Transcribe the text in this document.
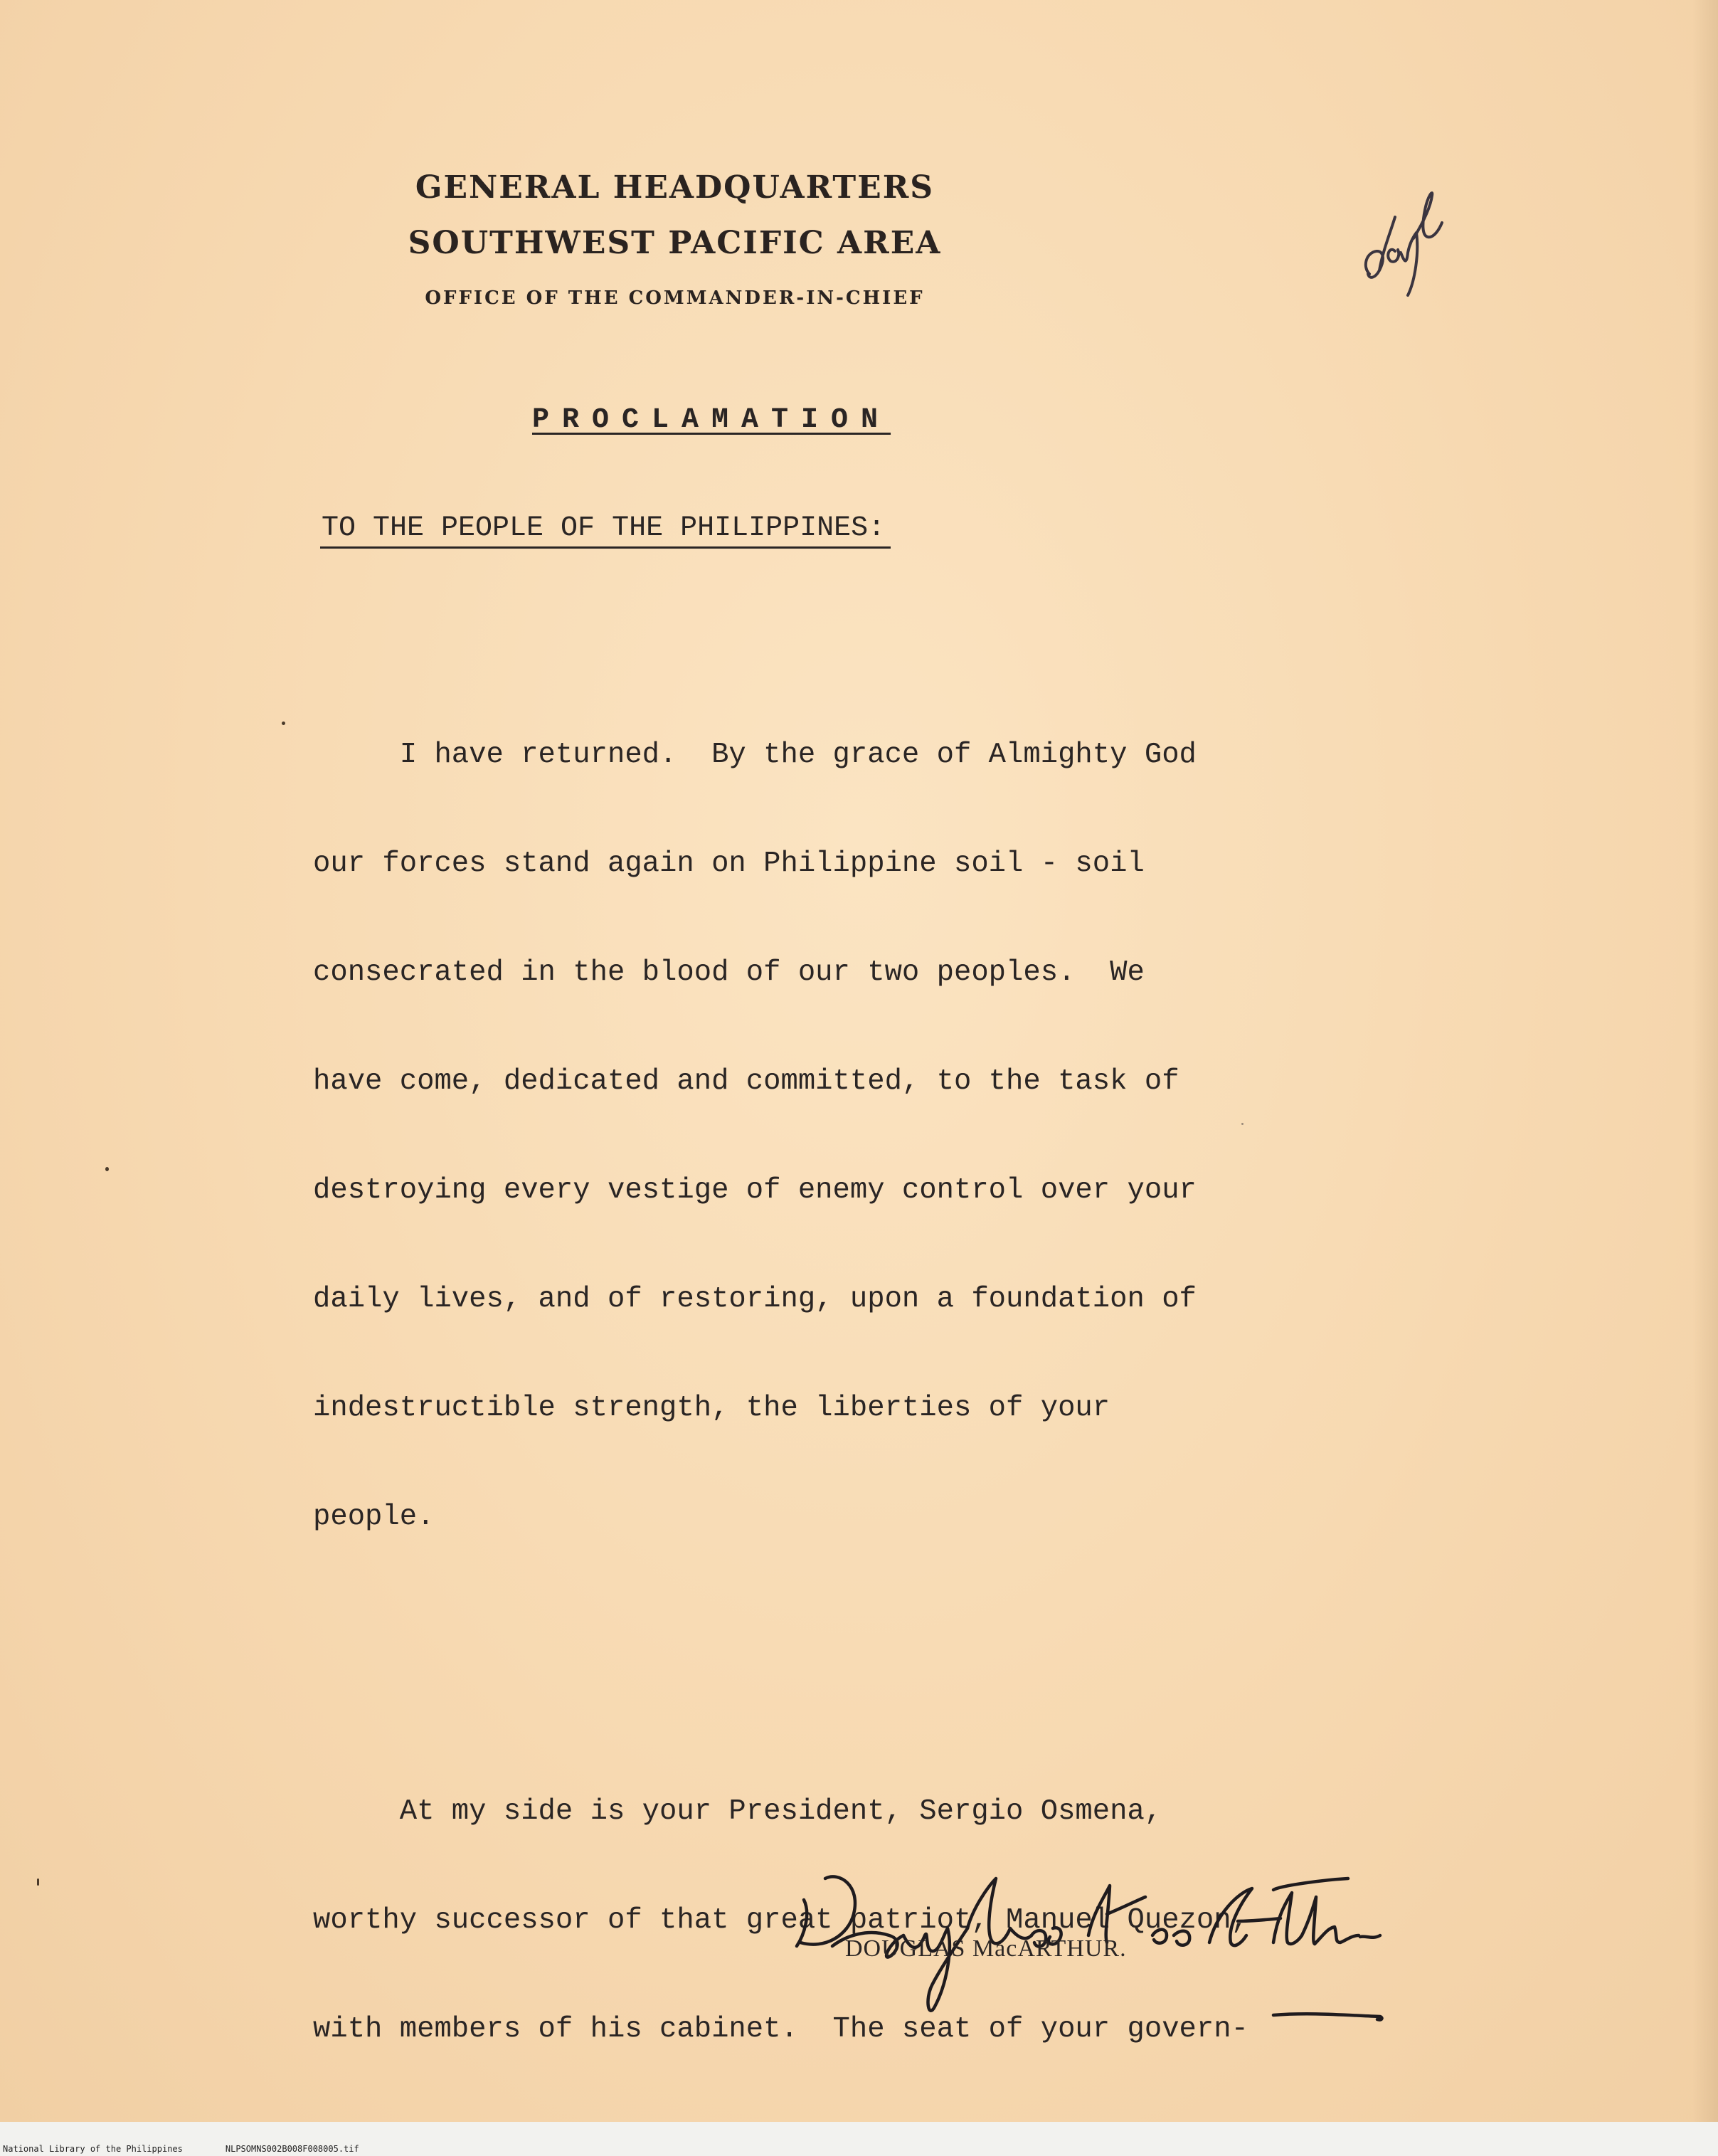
GENERAL HEADQUARTERS
SOUTHWEST PACIFIC AREA
OFFICE OF THE COMMANDER-IN-CHIEF
PROCLAMATION
TO THE PEOPLE OF THE PHILIPPINES:

I have returned.  By the grace of Almighty God

our forces stand again on Philippine soil - soil

consecrated in the blood of our two peoples.  We

have come, dedicated and committed, to the task of

destroying every vestige of enemy control over your

daily lives, and of restoring, upon a foundation of

indestructible strength, the liberties of your

people.

At my side is your President, Sergio Osmena,

worthy successor of that great patriot, Manuel Quezon,

with members of his cabinet.  The seat of your govern-

DOUGLAS MacARTHUR.
National Library of the Philippines	NLPSOMNS002B008F008005.tif
